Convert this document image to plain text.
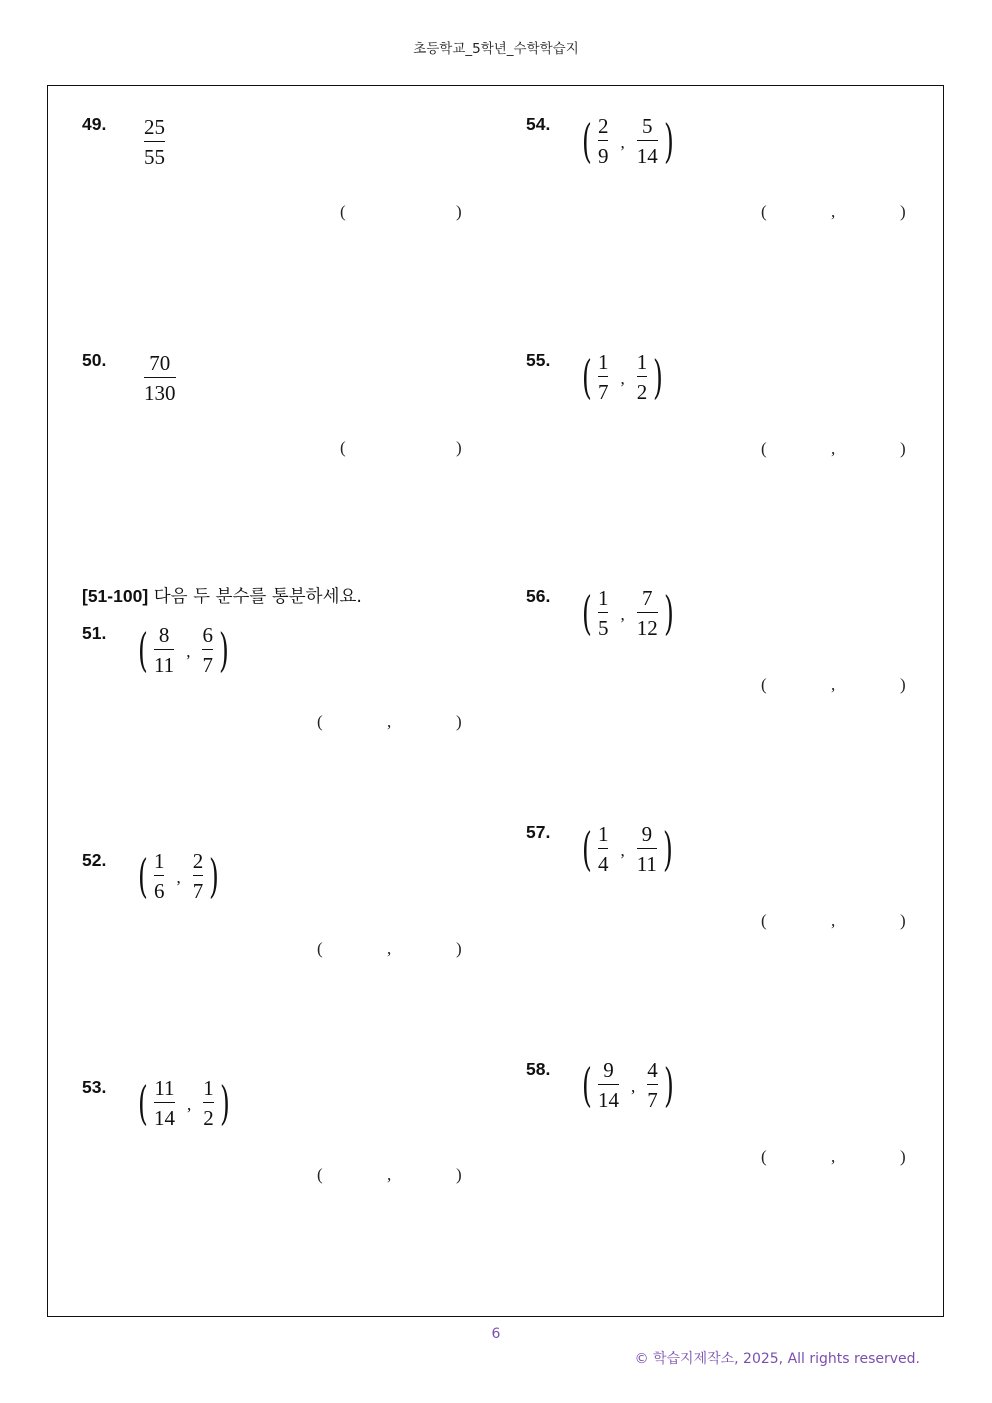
초등학교_5학년_수학학습지
49. 25
55
(	)
50. 70
130
(	)
[51-100] 다음 두 분수를 통분하세요.
51. ( 8
11
,
6
7 )
(	,	)
52. ( 1
6
,
2
7 )
(	,	)
53. ( 11
14
,
1
2 )
(	,	)
54. ( 2
9
,
5
14 )
(	,	)
55. ( 1
7
,
1
2 )
(	,	)
56. ( 1
5
,
7
12 )
(	,	)
57. ( 1
4
,
9
11 )
(	,	)
58. ( 9
14
,
4
7 )
(	,	)
6
© 학습지제작소, 2025, All rights reserved.
